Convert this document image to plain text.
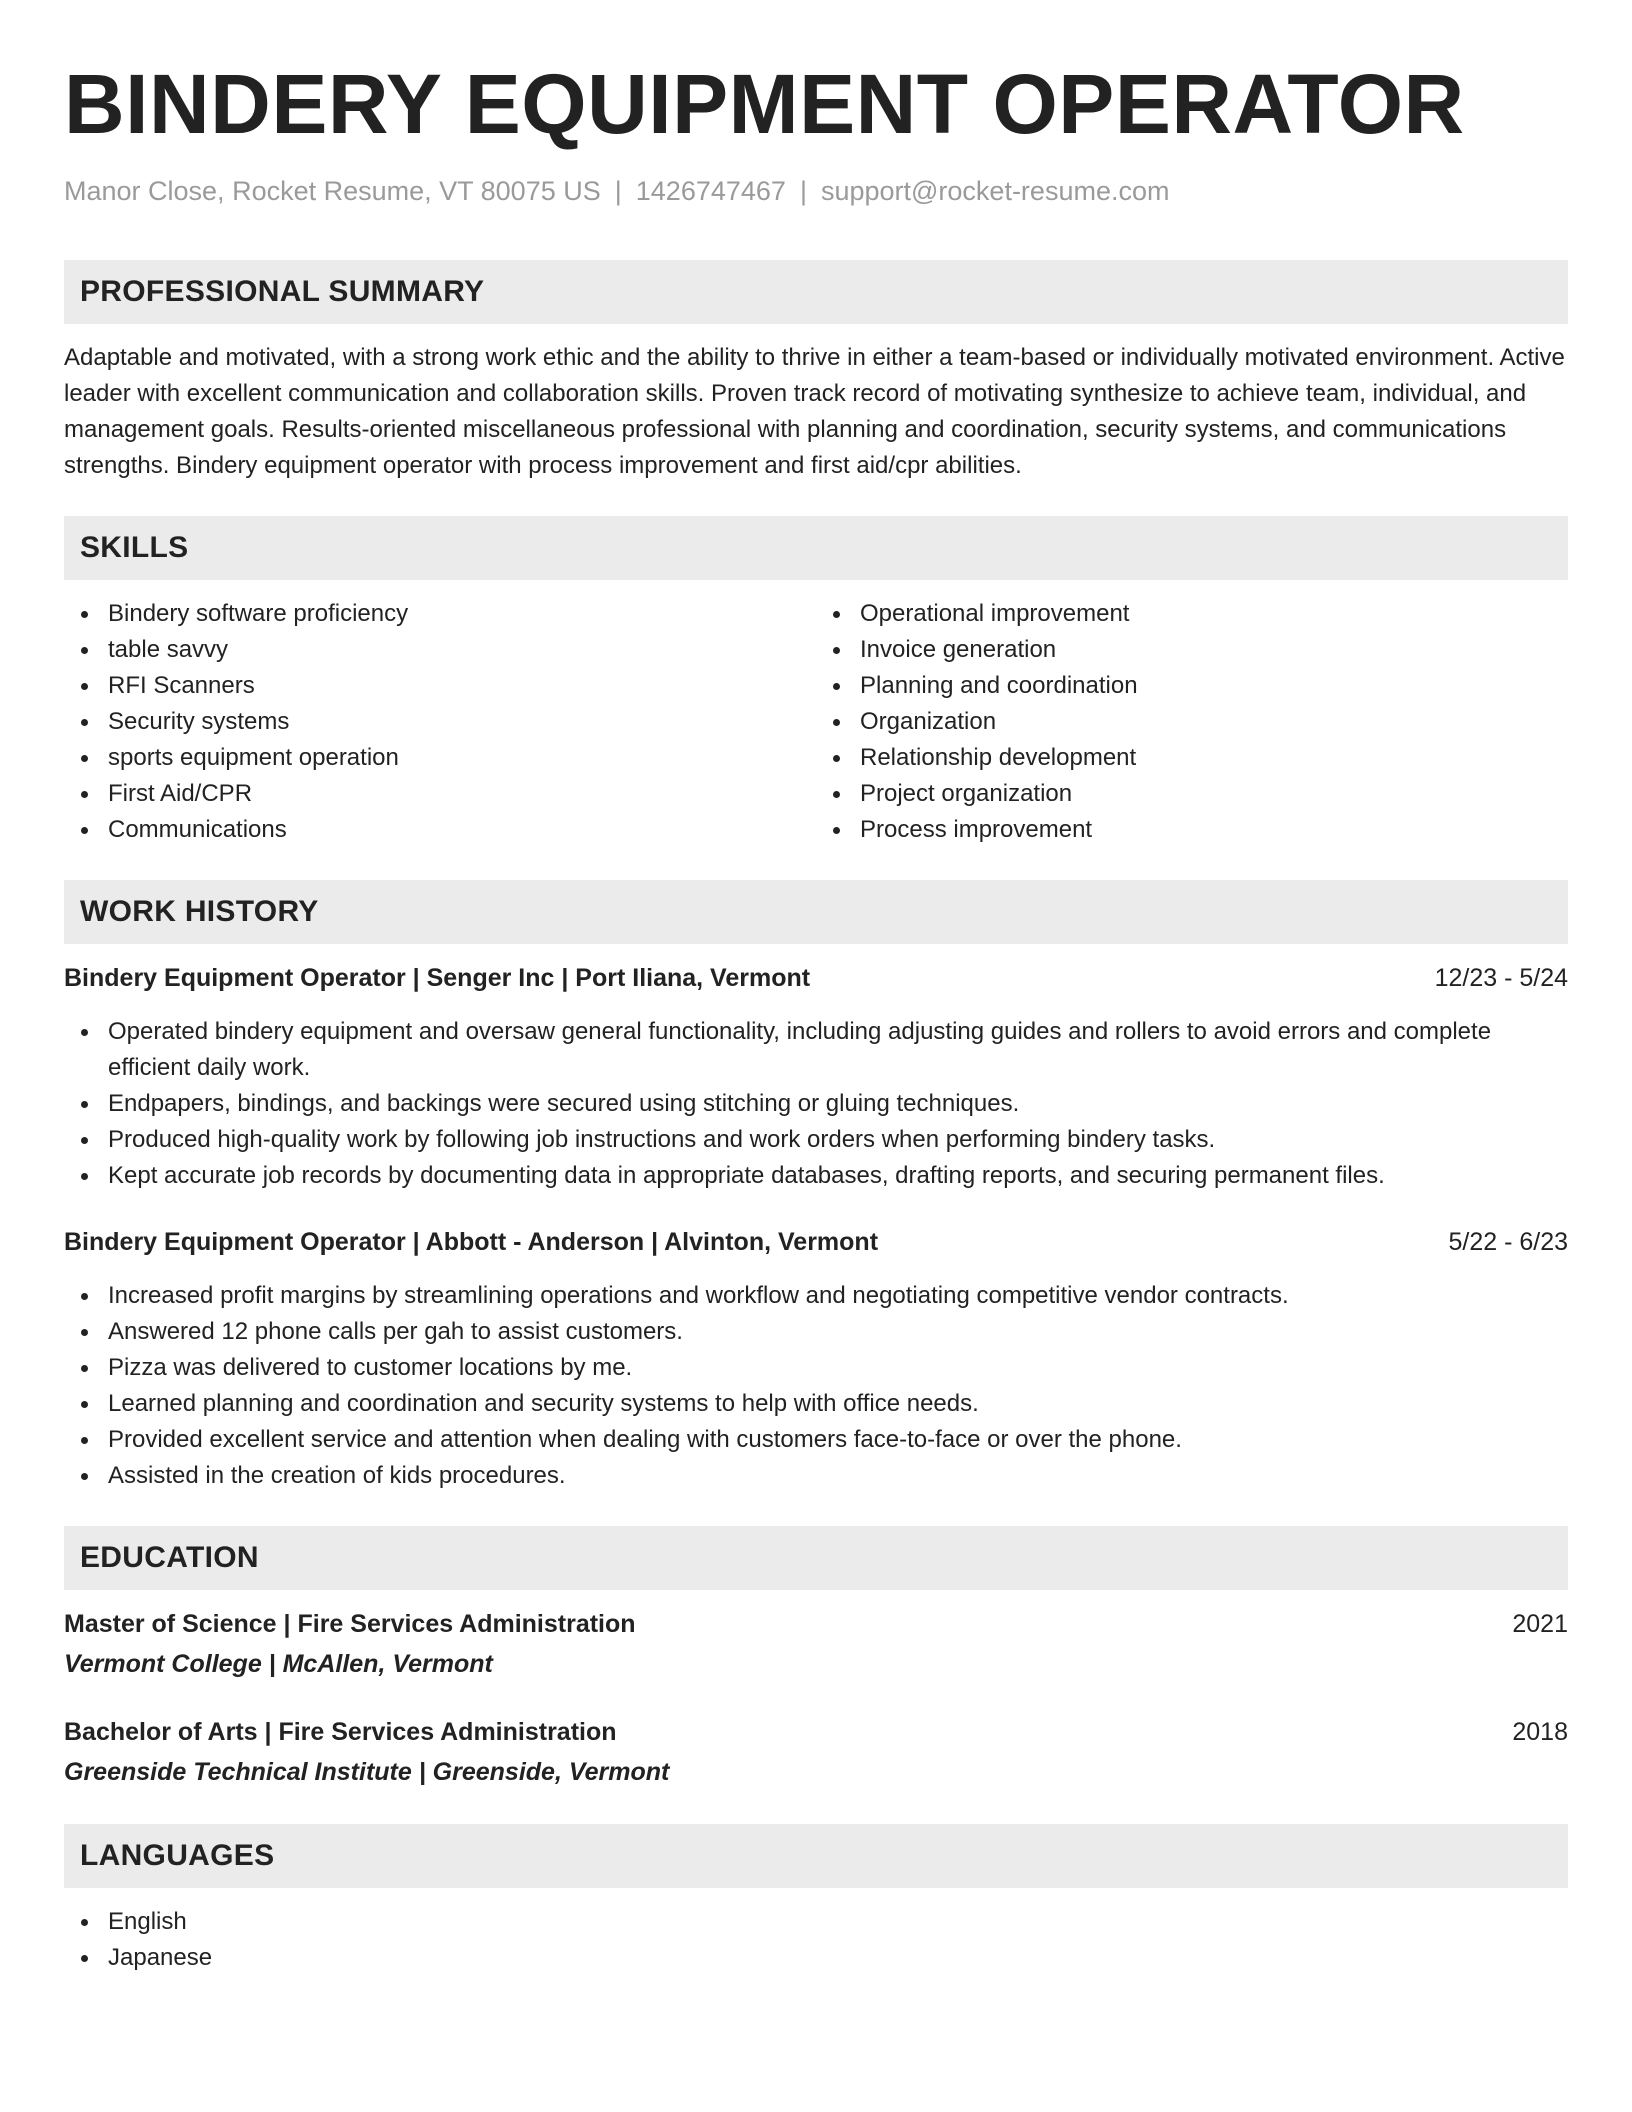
BINDERY EQUIPMENT OPERATOR
Manor Close, Rocket Resume, VT 80075 US | 1426747467 | support@rocket-resume.com
PROFESSIONAL SUMMARY
Adaptable and motivated, with a strong work ethic and the ability to thrive in either a team-based or individually motivated environment. Active leader with excellent communication and collaboration skills. Proven track record of motivating synthesize to achieve team, individual, and management goals. Results-oriented miscellaneous professional with planning and coordination, security systems, and communications strengths. Bindery equipment operator with process improvement and first aid/cpr abilities.
SKILLS
Bindery software proficiency
table savvy
RFI Scanners
Security systems
sports equipment operation
First Aid/CPR
Communications
Operational improvement
Invoice generation
Planning and coordination
Organization
Relationship development
Project organization
Process improvement
WORK HISTORY
Bindery Equipment Operator | Senger Inc | Port Iliana, Vermont	12/23 - 5/24
Operated bindery equipment and oversaw general functionality, including adjusting guides and rollers to avoid errors and complete efficient daily work.
Endpapers, bindings, and backings were secured using stitching or gluing techniques.
Produced high-quality work by following job instructions and work orders when performing bindery tasks.
Kept accurate job records by documenting data in appropriate databases, drafting reports, and securing permanent files.
Bindery Equipment Operator | Abbott - Anderson | Alvinton, Vermont	5/22 - 6/23
Increased profit margins by streamlining operations and workflow and negotiating competitive vendor contracts.
Answered 12 phone calls per gah to assist customers.
Pizza was delivered to customer locations by me.
Learned planning and coordination and security systems to help with office needs.
Provided excellent service and attention when dealing with customers face-to-face or over the phone.
Assisted in the creation of kids procedures.
EDUCATION
Master of Science | Fire Services Administration	2021
Vermont College | McAllen, Vermont
Bachelor of Arts | Fire Services Administration	2018
Greenside Technical Institute | Greenside, Vermont
LANGUAGES
English
Japanese
